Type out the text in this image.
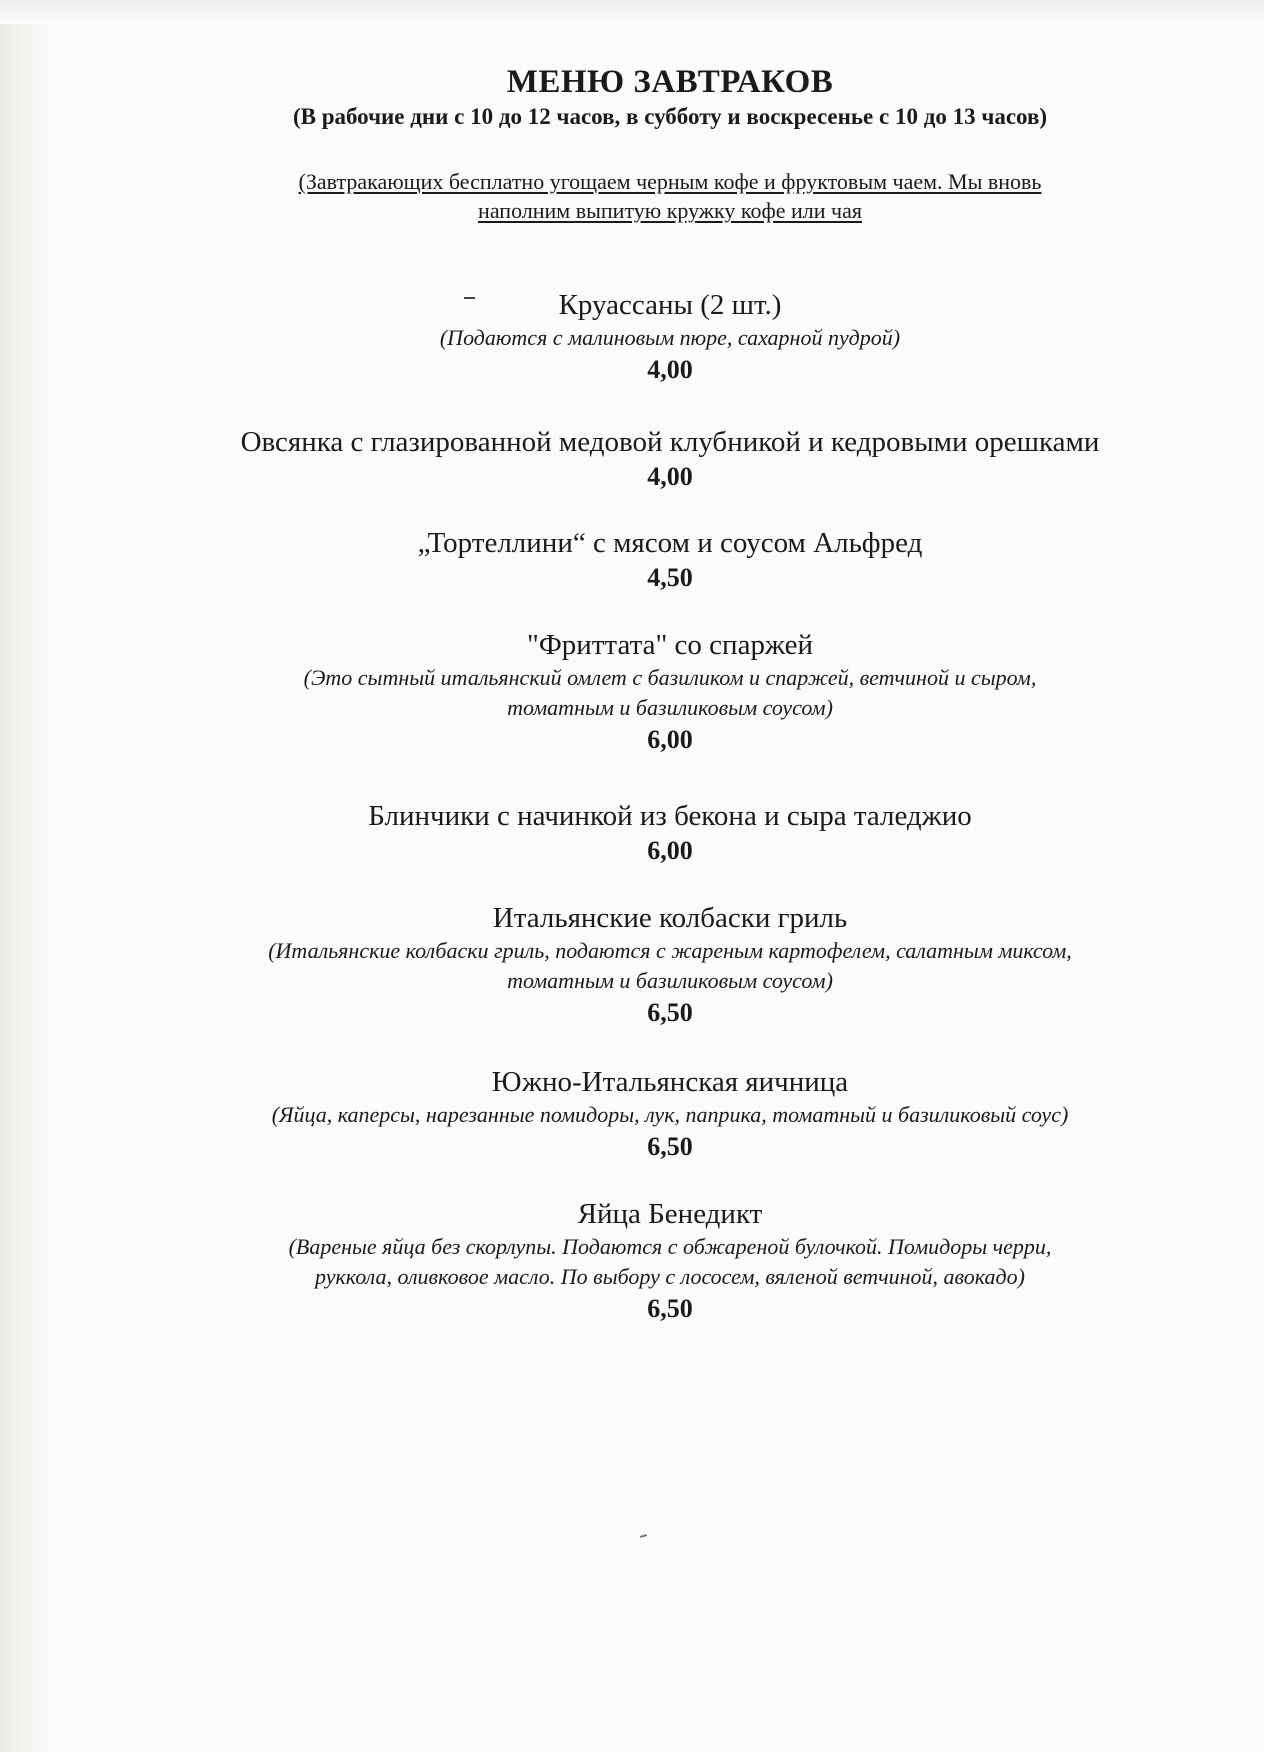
МЕНЮ ЗАВТРАКОВ
(В рабочие дни с 10 до 12 часов, в субботу и воскресенье с 10 до 13 часов)
(Завтракающих бесплатно угощаем черным кофе и фруктовым чаем. Мы вновь
наполним выпитую кружку кофе или чая
Круассаны (2 шт.)
(Подаются с малиновым пюре, сахарной пудрой)
4,00
Овсянка с глазированной медовой клубникой и кедровыми орешками
4,00
„Тортеллини“ с мясом и соусом Альфред
4,50
"Фриттата" со спаржей
(Это сытный итальянский омлет с базиликом и спаржей, ветчиной и сыром,
томатным и базиликовым соусом)
6,00
Блинчики с начинкой из бекона и сыра таледжио
6,00
Итальянские колбаски гриль
(Итальянские колбаски гриль, подаются с жареным картофелем, салатным миксом,
томатным и базиликовым соусом)
6,50
Южно-Итальянская яичница
(Яйца, каперсы, нарезанные помидоры, лук, паприка, томатный и базиликовый соус)
6,50
Яйца Бенедикт
(Вареные яйца без скорлупы. Подаются с обжареной булочкой. Помидоры черри,
руккола, оливковое масло. По выбору с лососем, вяленой ветчиной, авокадо)
6,50
